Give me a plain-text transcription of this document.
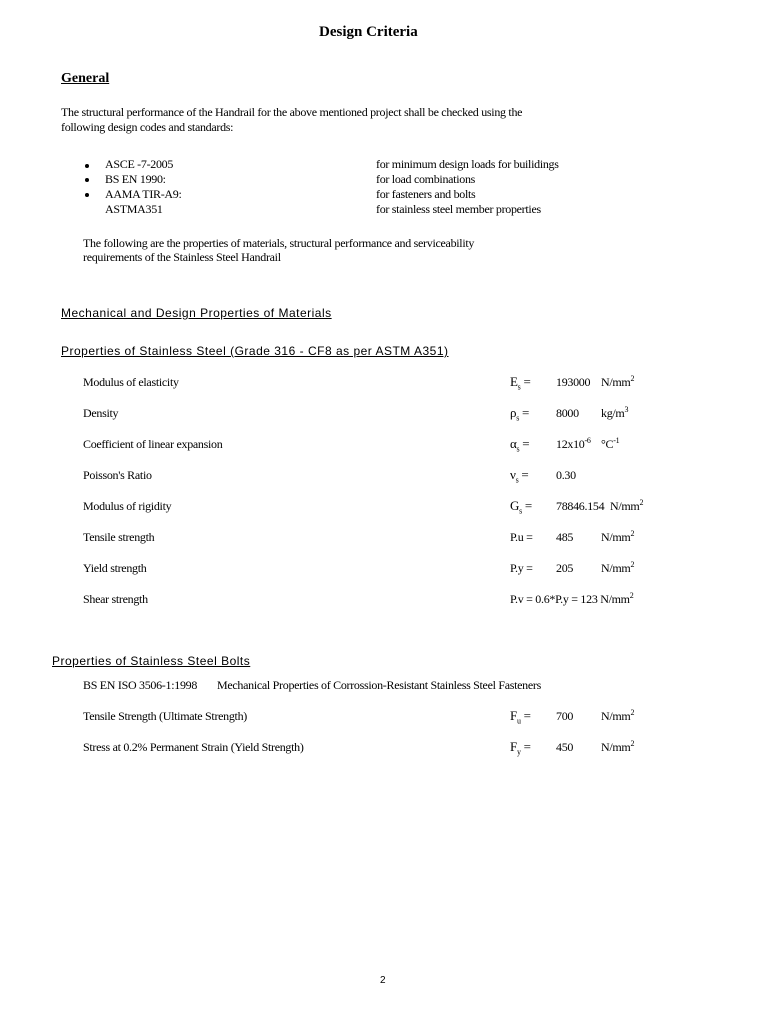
Design Criteria
General
The structural performance of the Handrail for the above mentioned project shall be checked using the
following design codes and standards:
ASCE -7-2005	for minimum design loads for builidings
BS EN 1990:	for load combinations
AAMA TIR-A9:	for fasteners and bolts
ASTMA351	for stainless steel member properties
The following are the properties of materials, structural performance and serviceability
requirements of the Stainless Steel Handrail
Mechanical and Design Properties of Materials
Properties of Stainless Steel (Grade 316 - CF8 as per ASTM A351)
Modulus of elasticity	$E_s = 193000$ $N/mm^2$
Density	$\rho_s = 8000$ $kg/m^3$
Coefficient of linear expansion	$\alpha_s = 12x10^{-6}$ $^\circ C^{-1}$
Poisson's Ratio	$\nu_s = 0.30$
Modulus of rigidity	$G_s = 78846.154$ $N/mm^2$
Tensile strength	P.u = 485 $N/mm^2$
Yield strength	P.y = 205 $N/mm^2$
Shear strength	P.v = 0.6*P.y = 123 $N/mm^2$
Properties of Stainless Steel Bolts
BS EN ISO 3506-1:1998 Mechanical Properties of Corrossion-Resistant Stainless Steel Fasteners
Tensile Strength (Ultimate Strength)	$F_u = 700$ $N/mm^2$
Stress at 0.2% Permanent Strain (Yield Strength)	$F_y = 450$ $N/mm^2$
2
